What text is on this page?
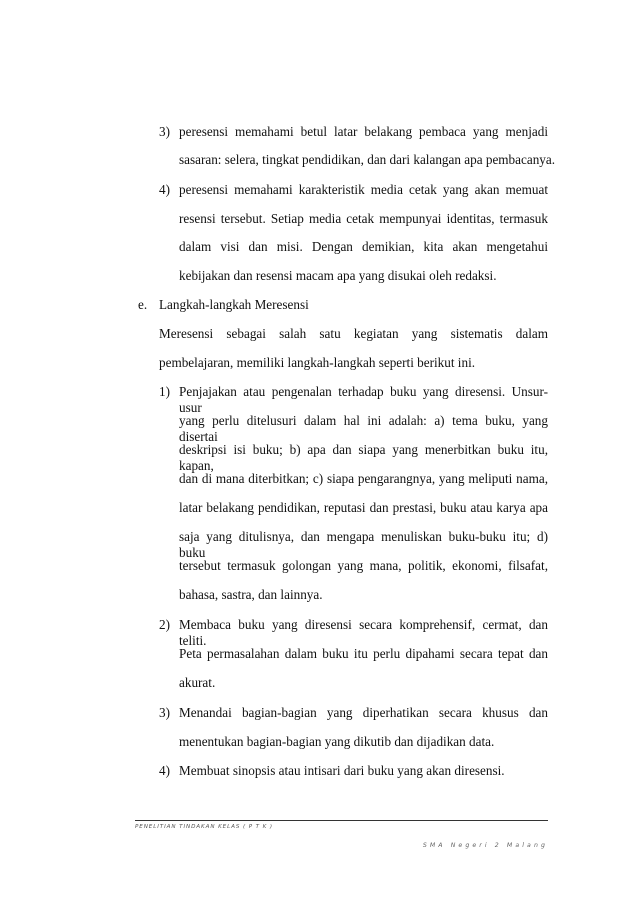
3) peresensi memahami betul latar belakang pembaca yang menjadi
sasaran: selera, tingkat pendidikan, dan dari kalangan apa pembacanya.
4) peresensi memahami karakteristik media cetak yang akan memuat
resensi tersebut. Setiap media cetak mempunyai identitas, termasuk
dalam visi dan misi. Dengan demikian, kita akan mengetahui
kebijakan dan resensi macam apa yang disukai oleh redaksi.
e. Langkah-langkah Meresensi
Meresensi sebagai salah satu kegiatan yang sistematis dalam
pembelajaran, memiliki langkah-langkah seperti berikut ini.
1) Penjajakan atau pengenalan terhadap buku yang diresensi. Unsur-usur
yang perlu ditelusuri dalam hal ini adalah: a) tema buku, yang disertai
deskripsi isi buku; b) apa dan siapa yang menerbitkan buku itu, kapan,
dan di mana diterbitkan; c) siapa pengarangnya, yang meliputi nama,
latar belakang pendidikan, reputasi dan prestasi, buku atau karya apa
saja yang ditulisnya, dan mengapa menuliskan buku-buku itu; d) buku
tersebut termasuk golongan yang mana, politik, ekonomi, filsafat,
bahasa, sastra, dan lainnya.
2) Membaca buku yang diresensi secara komprehensif, cermat, dan teliti.
Peta permasalahan dalam buku itu perlu dipahami secara tepat dan
akurat.
3) Menandai bagian-bagian yang diperhatikan secara khusus dan
menentukan bagian-bagian yang dikutib dan dijadikan data.
4) Membuat sinopsis atau intisari dari buku yang akan diresensi.
PENELITIAN TINDAKAN KELAS ( P T K )
SMA Negeri 2 Malang
